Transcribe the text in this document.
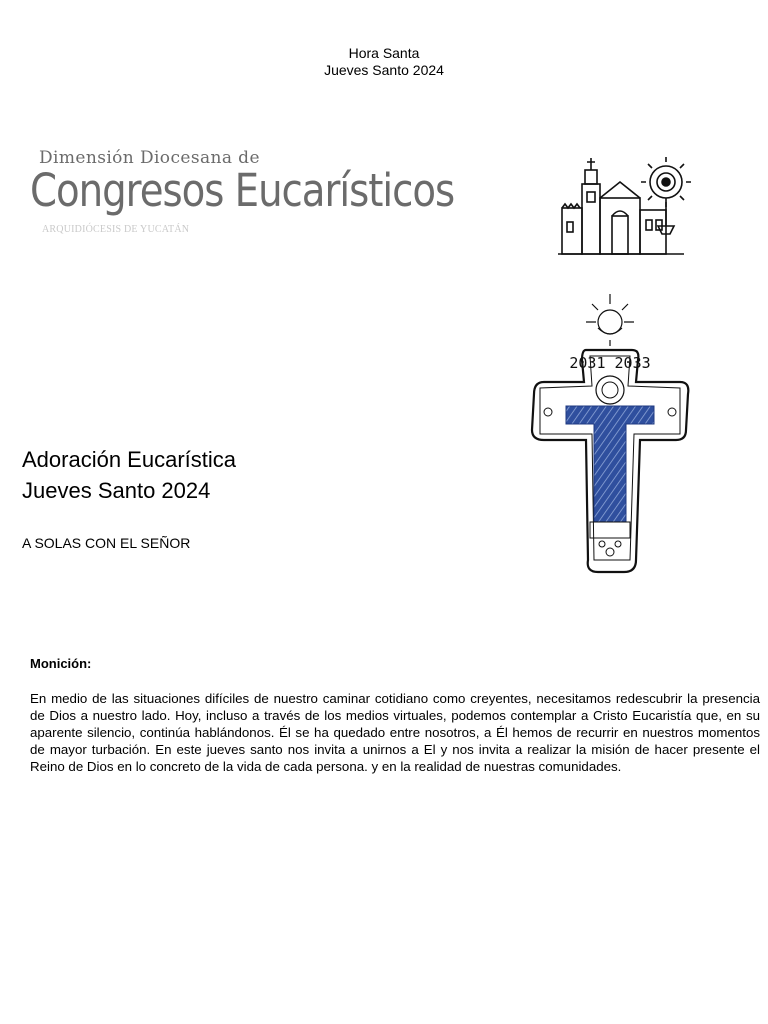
Hora Santa
Jueves Santo 2024
Dimensión Diocesana de
Congresos Eucarísticos
ARQUIDIÓCESIS DE YUCATÁN
2031 2033
Adoración Eucarística
Jueves Santo 2024
A SOLAS CON EL SEÑOR
Monición:
En medio de las situaciones difíciles de nuestro caminar cotidiano como creyentes, necesitamos redescubrir la presencia de Dios a nuestro lado. Hoy, incluso a través de los medios virtuales, podemos contemplar a Cristo Eucaristía que, en su aparente silencio, continúa hablándonos. Él se ha quedado entre nosotros, a Él hemos de recurrir en nuestros momentos de mayor turbación. En este jueves santo nos invita a unirnos a El y nos invita a realizar la misión de hacer presente el Reino de Dios en lo concreto de la vida de cada persona. y en la realidad de nuestras comunidades.
